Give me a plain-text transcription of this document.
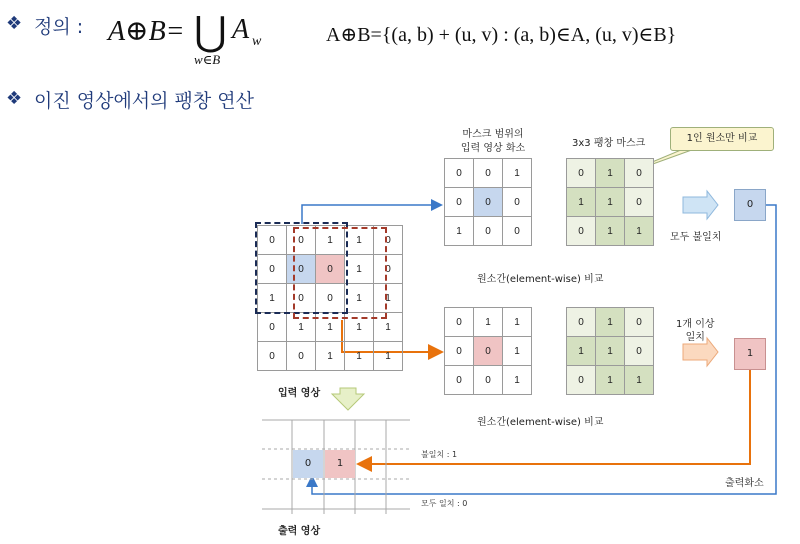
❖ 정의 : A⊕B= ⋃
w∈B
A w	A⊕B={(a, b) + (u, v) : (a, b)∈A, (u, v)∈B}
❖ 이진 영상에서의 팽창 연산
0	0	1	1	0
0	0	0	1	0
1	0	0	1	1
0	1	1	1	1
0	0	1	1	1
마스크 범위의
입력 영상 화소	3x3 팽창 마스크	1인 원소만 비교
0	0	1
0	0	0
1	0	0
0	1	0
1	1	0
0	1	1
모두 불일치
원소간(element-wise) 비교
0
1
0	1	1
0	0	1
0	0	1
0	1	0
1	1	0
0	1	1
1개 이상
일치
원소간(element-wise) 비교
입력 영상
출력 영상
출력화소
불일치 : 1
모두 일치 : 0
0	1
